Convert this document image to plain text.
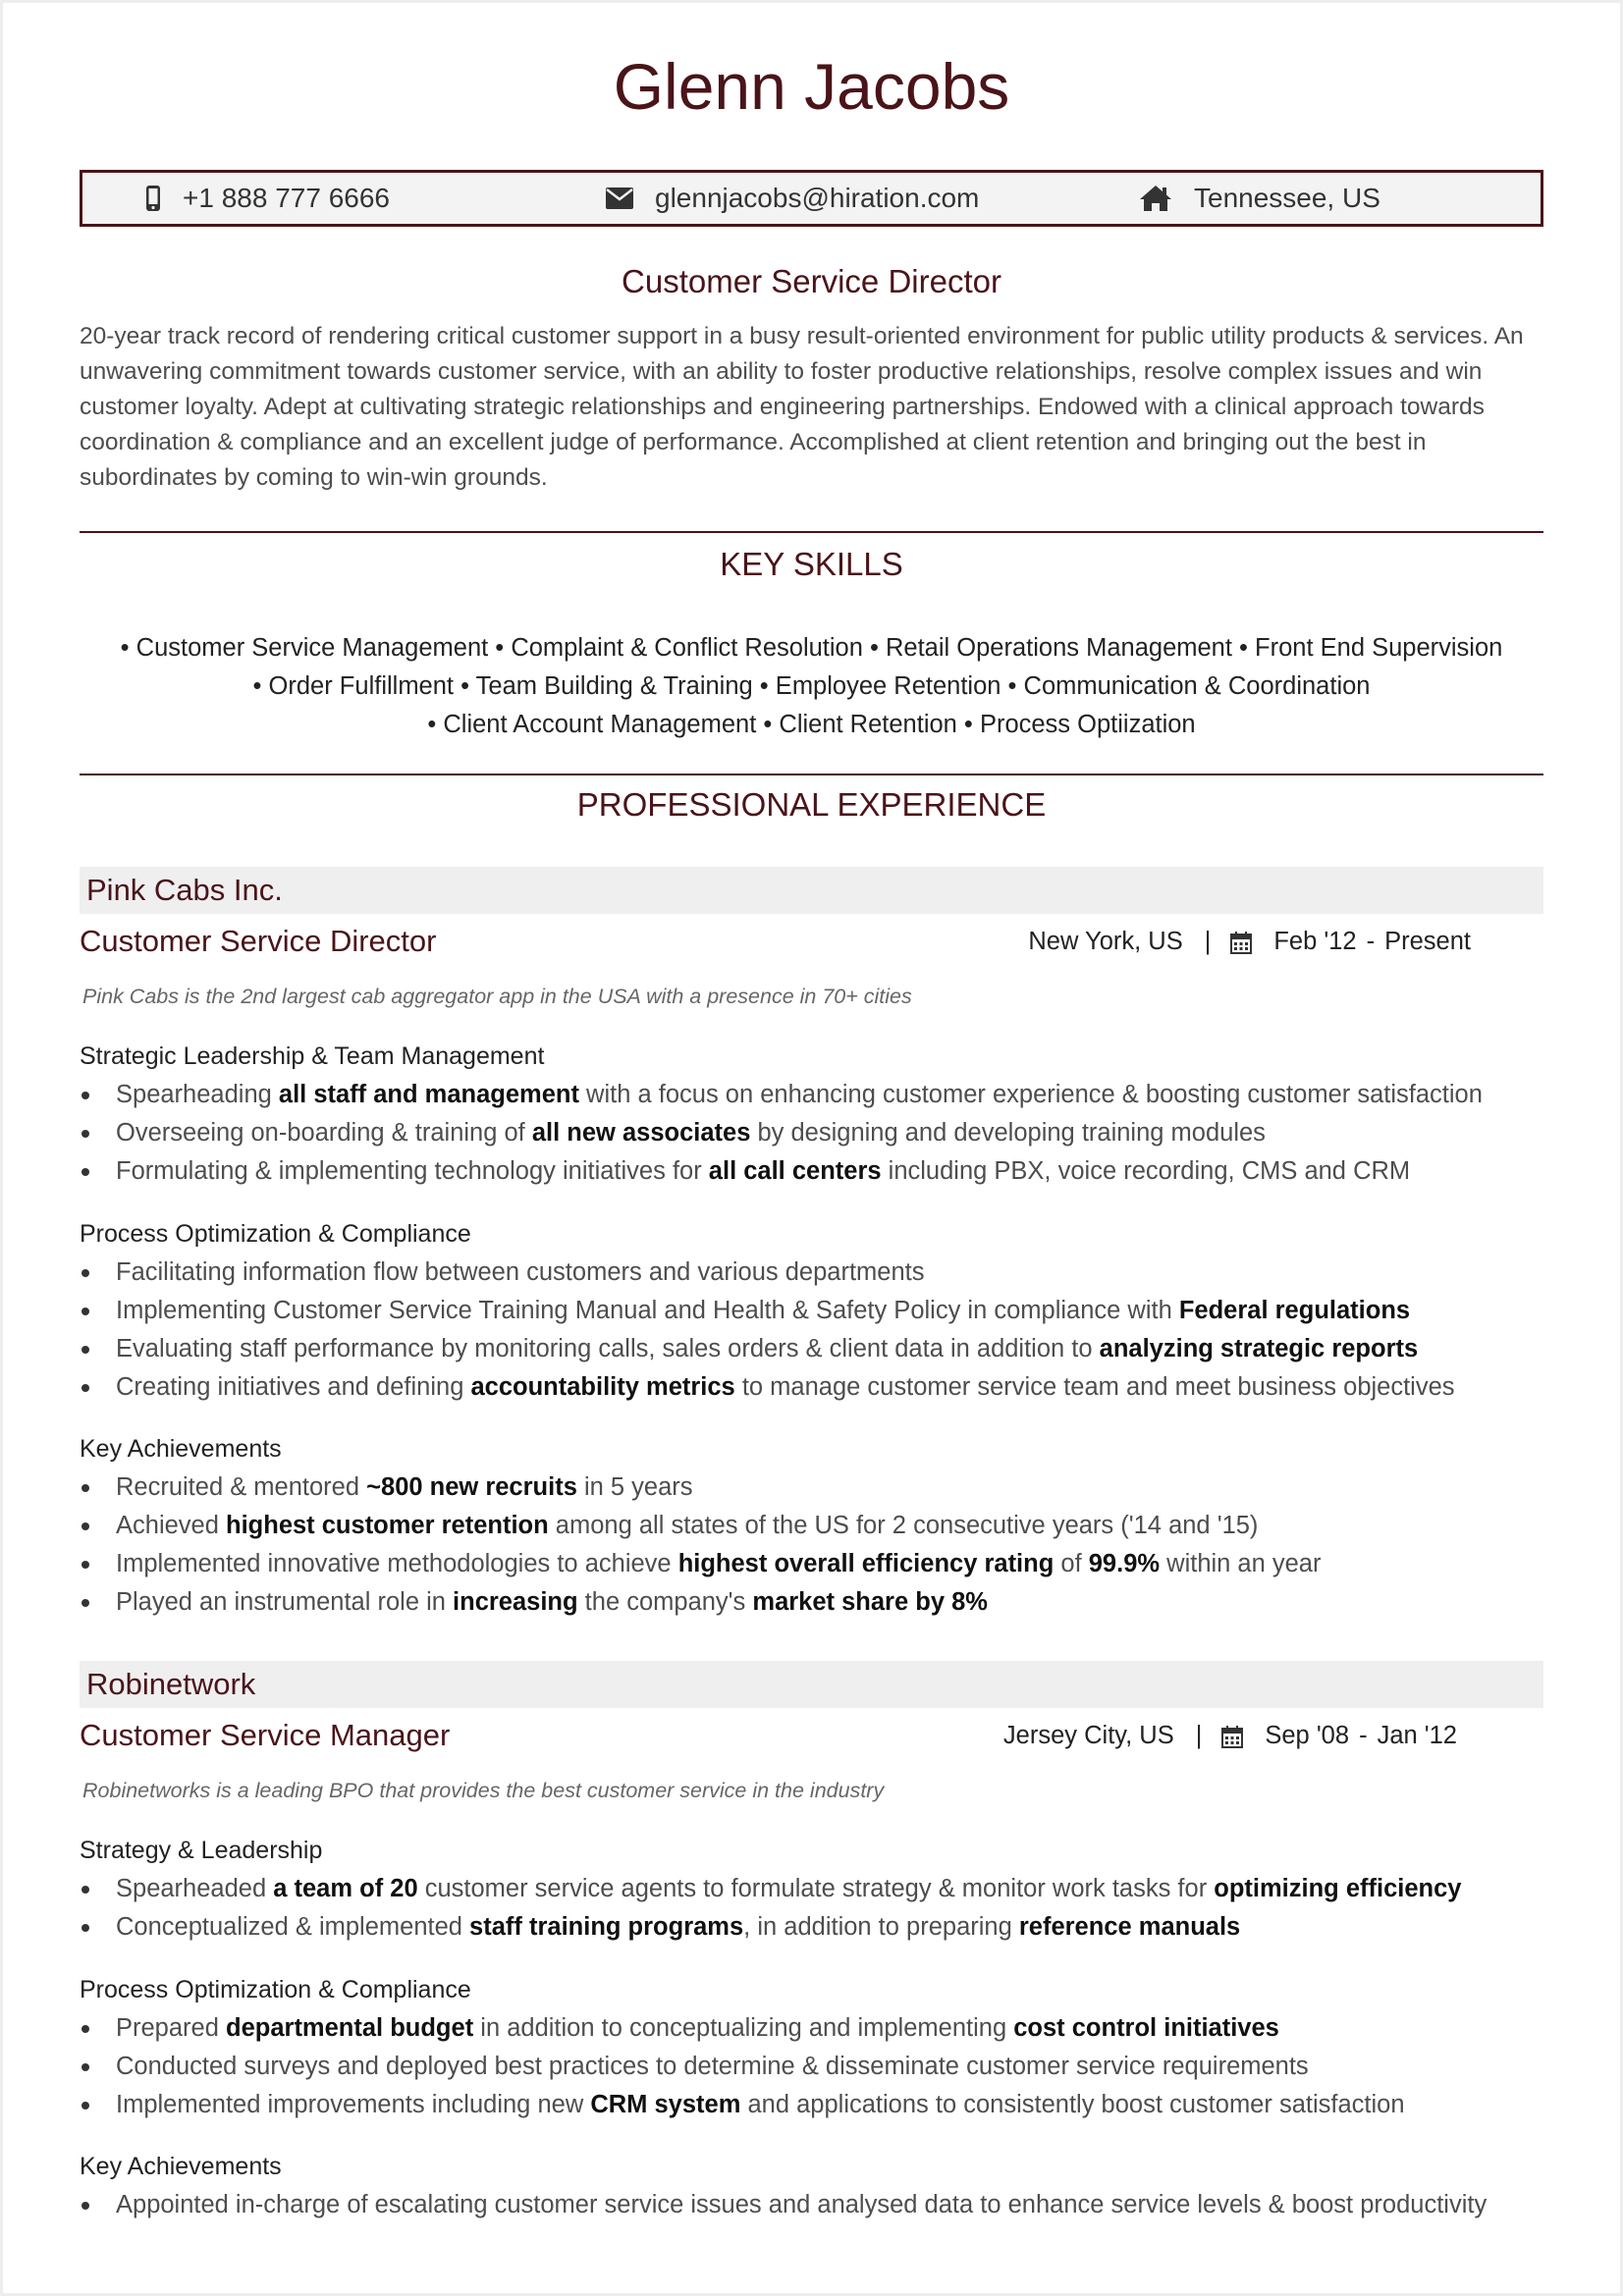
Glenn Jacobs
+1 888 777 6666	glennjacobs@hiration.com	Tennessee, US
Customer Service Director

20-year track record of rendering critical customer support in a busy result-oriented environment for public utility products & services. An unwavering commitment towards customer service, with an ability to foster productive relationships, resolve complex issues and win customer loyalty. Adept at cultivating strategic relationships and engineering partnerships. Endowed with a clinical approach towards coordination & compliance and an excellent judge of performance. Accomplished at client retention and bringing out the best in subordinates by coming to win-win grounds.

KEY SKILLS
• Customer Service Management • Complaint & Conflict Resolution • Retail Operations Management • Front End Supervision
• Order Fulfillment • Team Building & Training • Employee Retention • Communication & Coordination
• Client Account Management • Client Retention • Process Optiization
PROFESSIONAL EXPERIENCE
Pink Cabs Inc.
Customer Service Director	New York, US |	Feb '12 - Present
Pink Cabs is the 2nd largest cab aggregator app in the USA with a presence in 70+ cities
Strategic Leadership & Team Management
Spearheading all staff and management with a focus on enhancing customer experience & boosting customer satisfaction
Overseeing on-boarding & training of all new associates by designing and developing training modules
Formulating & implementing technology initiatives for all call centers including PBX, voice recording, CMS and CRM
Process Optimization & Compliance
Facilitating information flow between customers and various departments
Implementing Customer Service Training Manual and Health & Safety Policy in compliance with Federal regulations
Evaluating staff performance by monitoring calls, sales orders & client data in addition to analyzing strategic reports
Creating initiatives and defining accountability metrics to manage customer service team and meet business objectives
Key Achievements
Recruited & mentored ~800 new recruits in 5 years
Achieved highest customer retention among all states of the US for 2 consecutive years ('14 and '15)
Implemented innovative methodologies to achieve highest overall efficiency rating of 99.9% within an year
Played an instrumental role in increasing the company's market share by 8%
Robinetwork
Customer Service Manager	Jersey City, US |	Sep '08 - Jan '12
Robinetworks is a leading BPO that provides the best customer service in the industry
Strategy & Leadership
Spearheaded a team of 20 customer service agents to formulate strategy & monitor work tasks for optimizing efficiency
Conceptualized & implemented staff training programs, in addition to preparing reference manuals
Process Optimization & Compliance
Prepared departmental budget in addition to conceptualizing and implementing cost control initiatives
Conducted surveys and deployed best practices to determine & disseminate customer service requirements
Implemented improvements including new CRM system and applications to consistently boost customer satisfaction
Key Achievements
Appointed in-charge of escalating customer service issues and analysed data to enhance service levels & boost productivity
